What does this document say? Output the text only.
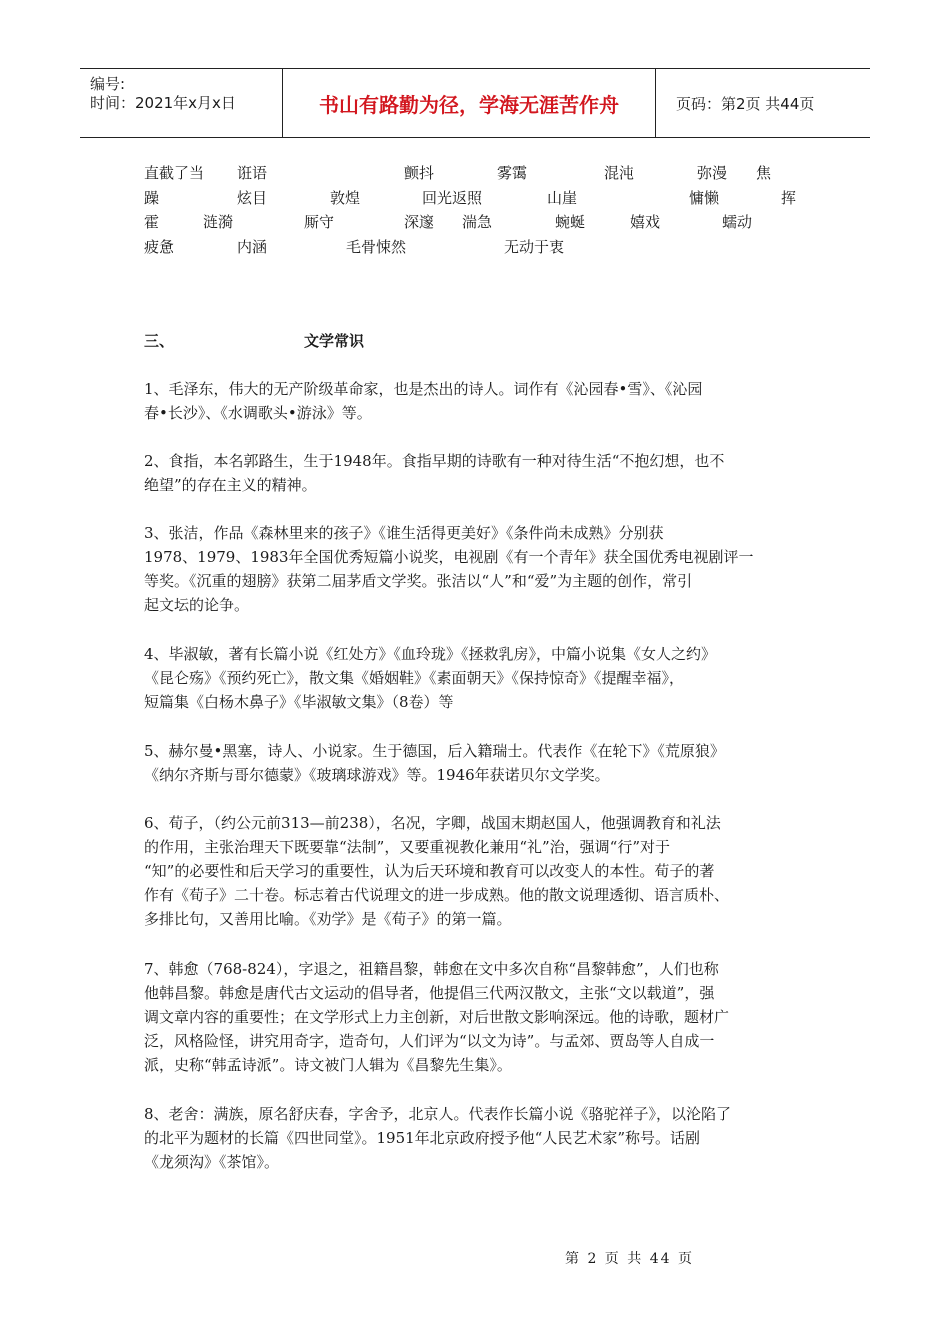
编号:
时间：2021年x月x日	书山有路勤为径，学海无涯苦作舟	页码：第2页 共44页
直截了当 诳语	颤抖	雾霭	混沌	弥漫 焦
躁	炫目	敦煌	回光返照	山崖	慵懒	挥
霍	涟漪	厮守	深邃 湍急	蜿蜒	嬉戏	蠕动
疲惫	内涵	毛骨悚然	无动于衷
三、	文学常识
1、毛泽东，伟大的无产阶级革命家，也是杰出的诗人。词作有《沁园春•雪》、《沁园
春•长沙》、《水调歌头•游泳》等。
2、食指，本名郭路生，生于1948年。食指早期的诗歌有一种对待生活“不抱幻想，也不
绝望”的存在主义的精神。
3、张洁，作品《森林里来的孩子》《谁生活得更美好》《条件尚未成熟》分别获
1978、1979、1983年全国优秀短篇小说奖，电视剧《有一个青年》获全国优秀电视剧评一
等奖。《沉重的翅膀》获第二届茅盾文学奖。张洁以“人”和“爱”为主题的创作，常引
起文坛的论争。
4、毕淑敏，著有长篇小说《红处方》《血玲珑》《拯救乳房》，中篇小说集《女人之约》
《昆仑殇》《预约死亡》，散文集《婚姻鞋》《素面朝天》《保持惊奇》《提醒幸福》，
短篇集《白杨木鼻子》《毕淑敏文集》（8卷）等
5、赫尔曼•黑塞，诗人、小说家。生于德国，后入籍瑞士。代表作《在轮下》《荒原狼》
《纳尔齐斯与哥尔德蒙》《玻璃球游戏》等。1946年获诺贝尔文学奖。
6、荀子，（约公元前313—前238），名况，字卿，战国末期赵国人，他强调教育和礼法
的作用，主张治理天下既要靠“法制”，又要重视教化兼用“礼”治，强调“行”对于
“知”的必要性和后天学习的重要性，认为后天环境和教育可以改变人的本性。荀子的著
作有《荀子》二十卷。标志着古代说理文的进一步成熟。他的散文说理透彻、语言质朴、
多排比句，又善用比喻。《劝学》是《荀子》的第一篇。
7、韩愈（768-824），字退之，祖籍昌黎，韩愈在文中多次自称“昌黎韩愈”，人们也称
他韩昌黎。韩愈是唐代古文运动的倡导者，他提倡三代两汉散文，主张“文以载道”，强
调文章内容的重要性；在文学形式上力主创新，对后世散文影响深远。他的诗歌，题材广
泛，风格险怪，讲究用奇字，造奇句，人们评为“以文为诗”。与孟郊、贾岛等人自成一
派，史称“韩孟诗派”。诗文被门人辑为《昌黎先生集》。
8、老舍：满族，原名舒庆春，字舍予，北京人。代表作长篇小说《骆驼祥子》，以沦陷了
的北平为题材的长篇《四世同堂》。1951年北京政府授予他“人民艺术家”称号。话剧
《龙须沟》《茶馆》。
第 2 页 共 44 页
